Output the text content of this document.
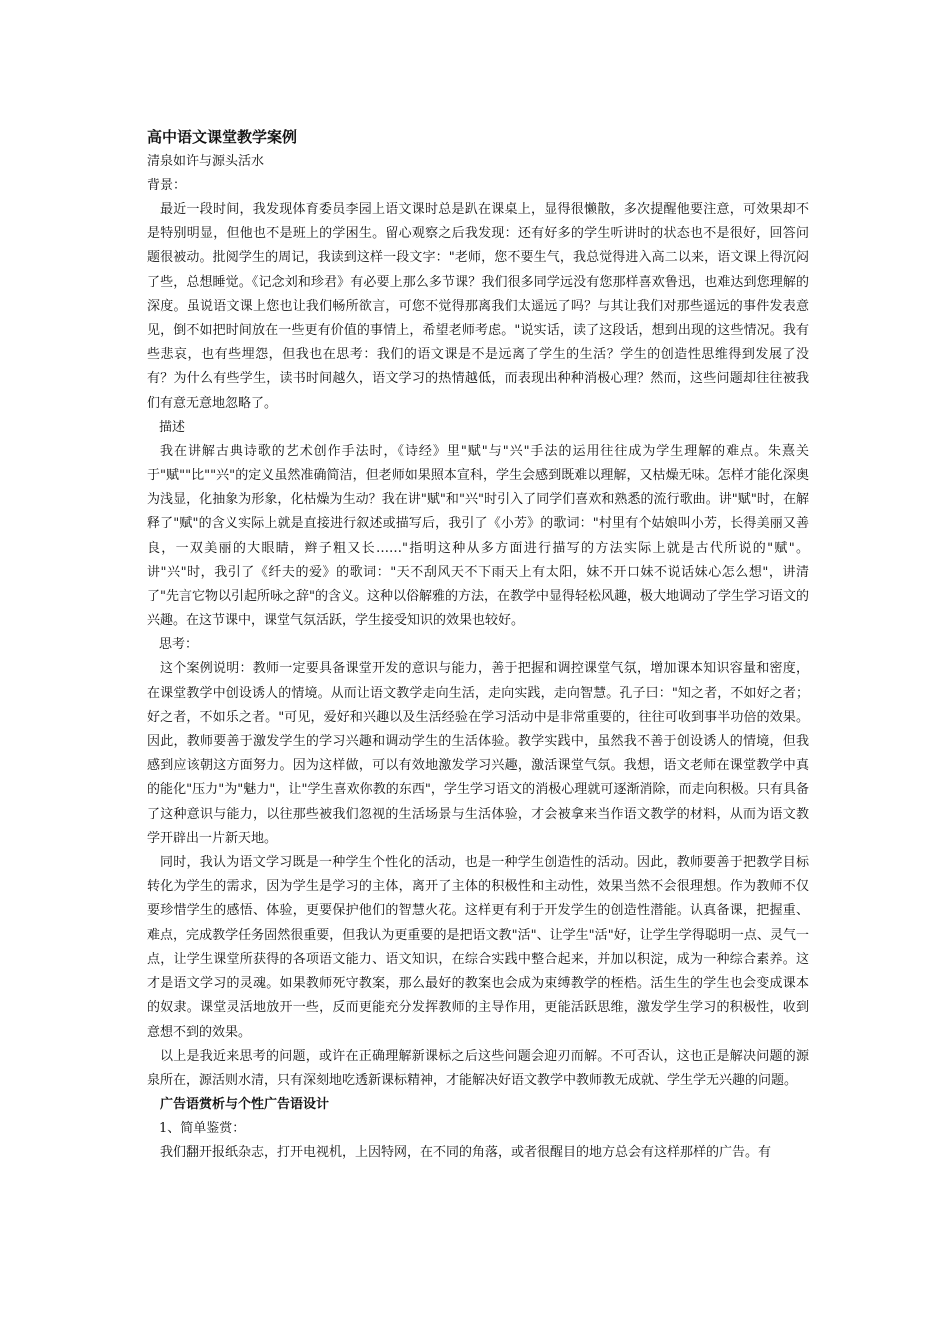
高中语文课堂教学案例

清泉如许与源头活水

背景：

最近一段时间，我发现体育委员李园上语文课时总是趴在课桌上，显得很懒散，多次提醒他要注意，可效果却不是特别明显，但他也不是班上的学困生。留心观察之后我发现：还有好多的学生听讲时的状态也不是很好，回答问题很被动。批阅学生的周记，我读到这样一段文字："老师，您不要生气，我总觉得进入高二以来，语文课上得沉闷了些，总想睡觉。《记念刘和珍君》有必要上那么多节课？我们很多同学远没有您那样喜欢鲁迅，也难达到您理解的深度。虽说语文课上您也让我们畅所欲言，可您不觉得那离我们太遥远了吗？与其让我们对那些遥远的事件发表意见，倒不如把时间放在一些更有价值的事情上，希望老师考虑。"说实话，读了这段话，想到出现的这些情况。我有些悲哀，也有些埋怨，但我也在思考：我们的语文课是不是远离了学生的生活？学生的创造性思维得到发展了没有？为什么有些学生，读书时间越久，语文学习的热情越低，而表现出种种消极心理？然而，这些问题却往往被我们有意无意地忽略了。

描述

我在讲解古典诗歌的艺术创作手法时，《诗经》里"赋"与"兴"手法的运用往往成为学生理解的难点。朱熹关于"赋""比""兴"的定义虽然准确简洁，但老师如果照本宣科，学生会感到既难以理解，又枯燥无味。怎样才能化深奥为浅显，化抽象为形象，化枯燥为生动？我在讲"赋"和"兴"时引入了同学们喜欢和熟悉的流行歌曲。讲"赋"时，在解释了"赋"的含义实际上就是直接进行叙述或描写后，我引了《小芳》的歌词："村里有个姑娘叫小芳，长得美丽又善良，一双美丽的大眼睛，辫子粗又长……"指明这种从多方面进行描写的方法实际上就是古代所说的"赋"。讲"兴"时，我引了《纤夫的爱》的歌词："天不刮风天不下雨天上有太阳，妹不开口妹不说话妹心怎么想"，讲清了"先言它物以引起所咏之辞"的含义。这种以俗解雅的方法，在教学中显得轻松风趣，极大地调动了学生学习语文的兴趣。在这节课中，课堂气氛活跃，学生接受知识的效果也较好。

思考：

这个案例说明：教师一定要具备课堂开发的意识与能力，善于把握和调控课堂气氛，增加课本知识容量和密度，在课堂教学中创设诱人的情境。从而让语文教学走向生活，走向实践，走向智慧。孔子曰："知之者，不如好之者；好之者，不如乐之者。"可见，爱好和兴趣以及生活经验在学习活动中是非常重要的，往往可收到事半功倍的效果。因此，教师要善于激发学生的学习兴趣和调动学生的生活体验。教学实践中，虽然我不善于创设诱人的情境，但我感到应该朝这方面努力。因为这样做，可以有效地激发学习兴趣，激活课堂气氛。我想，语文老师在课堂教学中真的能化"压力"为"魅力"，让"学生喜欢你教的东西"，学生学习语文的消极心理就可逐渐消除，而走向积极。只有具备了这种意识与能力，以往那些被我们忽视的生活场景与生活体验，才会被拿来当作语文教学的材料，从而为语文教学开辟出一片新天地。

同时，我认为语文学习既是一种学生个性化的活动，也是一种学生创造性的活动。因此，教师要善于把教学目标转化为学生的需求，因为学生是学习的主体，离开了主体的积极性和主动性，效果当然不会很理想。作为教师不仅要珍惜学生的感悟、体验，更要保护他们的智慧火花。这样更有利于开发学生的创造性潜能。认真备课，把握重、难点，完成教学任务固然很重要，但我认为更重要的是把语文教"活"、让学生"活"好，让学生学得聪明一点、灵气一点，让学生课堂所获得的各项语文能力、语文知识，在综合实践中整合起来，并加以积淀，成为一种综合素养。这才是语文学习的灵魂。如果教师死守教案，那么最好的教案也会成为束缚教学的桎梏。活生生的学生也会变成课本的奴隶。课堂灵活地放开一些，反而更能充分发挥教师的主导作用，更能活跃思维，激发学生学习的积极性，收到意想不到的效果。

以上是我近来思考的问题，或许在正确理解新课标之后这些问题会迎刃而解。不可否认，这也正是解决问题的源泉所在，源活则水清，只有深刻地吃透新课标精神，才能解决好语文教学中教师教无成就、学生学无兴趣的问题。

广告语赏析与个性广告语设计

1、简单鉴赏：

我们翻开报纸杂志，打开电视机，上因特网，在不同的角落，或者很醒目的地方总会有这样那样的广告。有
